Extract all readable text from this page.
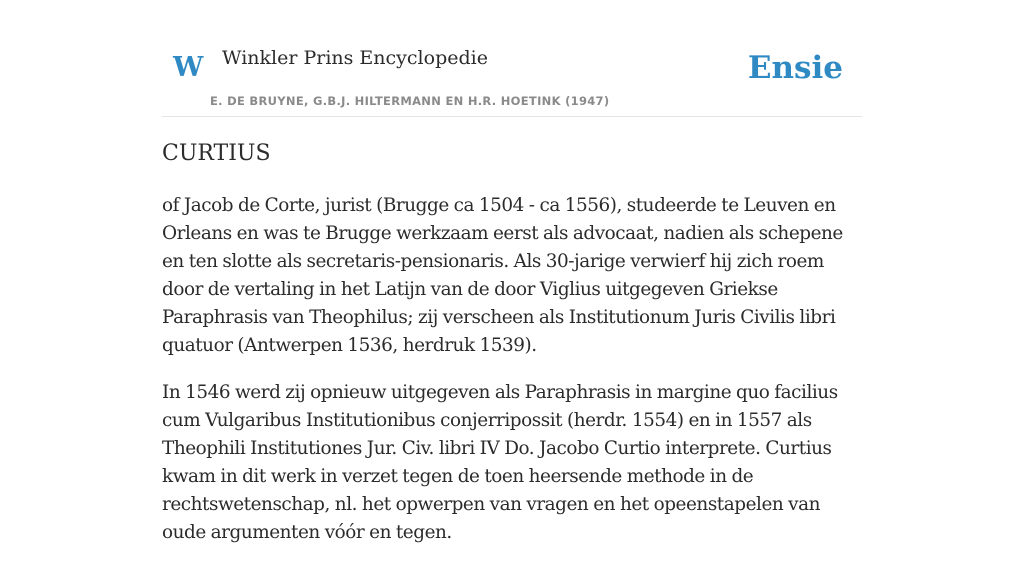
W Winkler Prins Encyclopedie
E. DE BRUYNE, G.B.J. HILTERMANN EN H.R. HOETINK (1947)
Ensie
CURTIUS

of Jacob de Corte, jurist (Brugge ca 1504 - ca 1556), studeerde te Leuven en Orleans en was te Brugge werkzaam eerst als advocaat, nadien als schepene en ten slotte als secretaris-pensionaris. Als 30-jarige verwierf hij zich roem door de vertaling in het Latijn van de door Viglius uitgegeven Griekse Paraphrasis van Theophilus; zij verscheen als Institutionum Juris Civilis libri quatuor (Antwerpen 1536, herdruk 1539).

In 1546 werd zij opnieuw uitgegeven als Paraphrasis in margine quo facilius cum Vulgaribus Institutionibus conjerripossit (herdr. 1554) en in 1557 als Theophili Institutiones Jur. Civ. libri IV Do. Jacobo Curtio interprete. Curtius kwam in dit werk in verzet tegen de toen heersende methode in de rechtswetenschap, nl. het opwerpen van vragen en het opeenstapelen van oude argumenten vóór en tegen.
